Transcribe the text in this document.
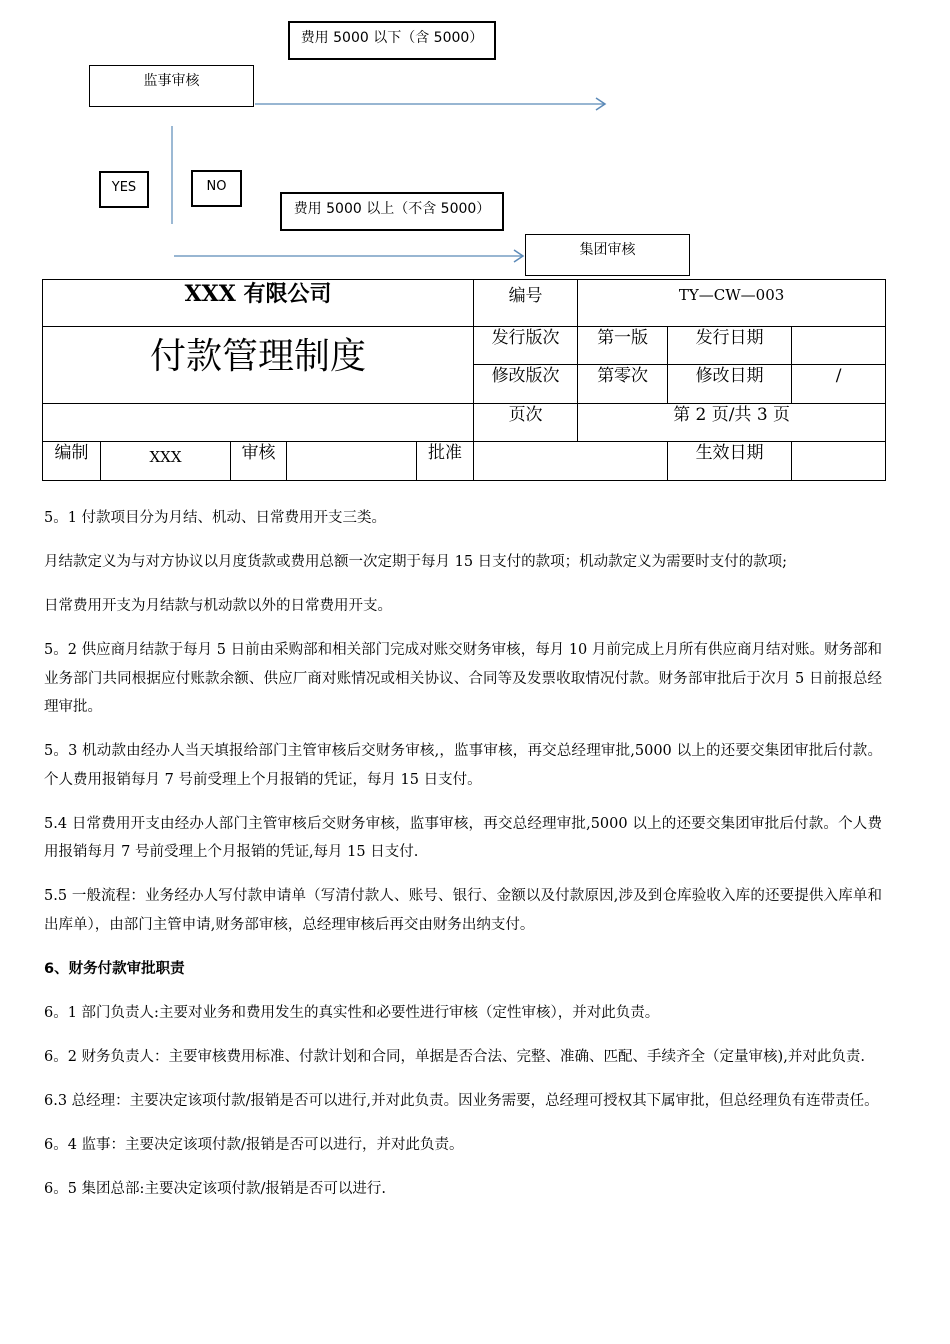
费用 5000 以下（含 5000）
监事审核
YES	NO
费用 5000 以上（不含 5000）
集团审核
XXX 有限公司					编号	TY—CW—003		
付款管理制度					发行版次	第一版	发行日期	
					修改版次	第零次	修改日期	/
					页次	第 2 页/共 3 页		
编制	XXX	审核		批准			生效日期	

5。1 付款项目分为月结、机动、日常费用开支三类。

月结款定义为与对方协议以月度货款或费用总额一次定期于每月 15 日支付的款项；机动款定义为需要时支付的款项;

日常费用开支为月结款与机动款以外的日常费用开支。

5。2 供应商月结款于每月 5 日前由采购部和相关部门完成对账交财务审核，每月 10 月前完成上月所有供应商月结对账。财务部和业务部门共同根据应付账款余额、供应厂商对账情况或相关协议、合同等及发票收取情况付款。财务部审批后于次月 5 日前报总经理审批。

5。3 机动款由经办人当天填报给部门主管审核后交财务审核,，监事审核，再交总经理审批,5000 以上的还要交集团审批后付款。个人费用报销每月 7 号前受理上个月报销的凭证，每月 15 日支付。

5.4 日常费用开支由经办人部门主管审核后交财务审核，监事审核，再交总经理审批,5000 以上的还要交集团审批后付款。个人费用报销每月 7 号前受理上个月报销的凭证,每月 15 日支付.

5.5 一般流程：业务经办人写付款申请单（写清付款人、账号、银行、金额以及付款原因,涉及到仓库验收入库的还要提供入库单和出库单），由部门主管申请,财务部审核，总经理审核后再交由财务出纳支付。

6、财务付款审批职责

6。1 部门负责人:主要对业务和费用发生的真实性和必要性进行审核（定性审核），并对此负责。

6。2 财务负责人：主要审核费用标准、付款计划和合同，单据是否合法、完整、准确、匹配、手续齐全（定量审核),并对此负责.

6.3 总经理：主要决定该项付款/报销是否可以进行,并对此负责。因业务需要，总经理可授权其下属审批，但总经理负有连带责任。

6。4 监事：主要决定该项付款/报销是否可以进行，并对此负责。

6。5 集团总部:主要决定该项付款/报销是否可以进行.
